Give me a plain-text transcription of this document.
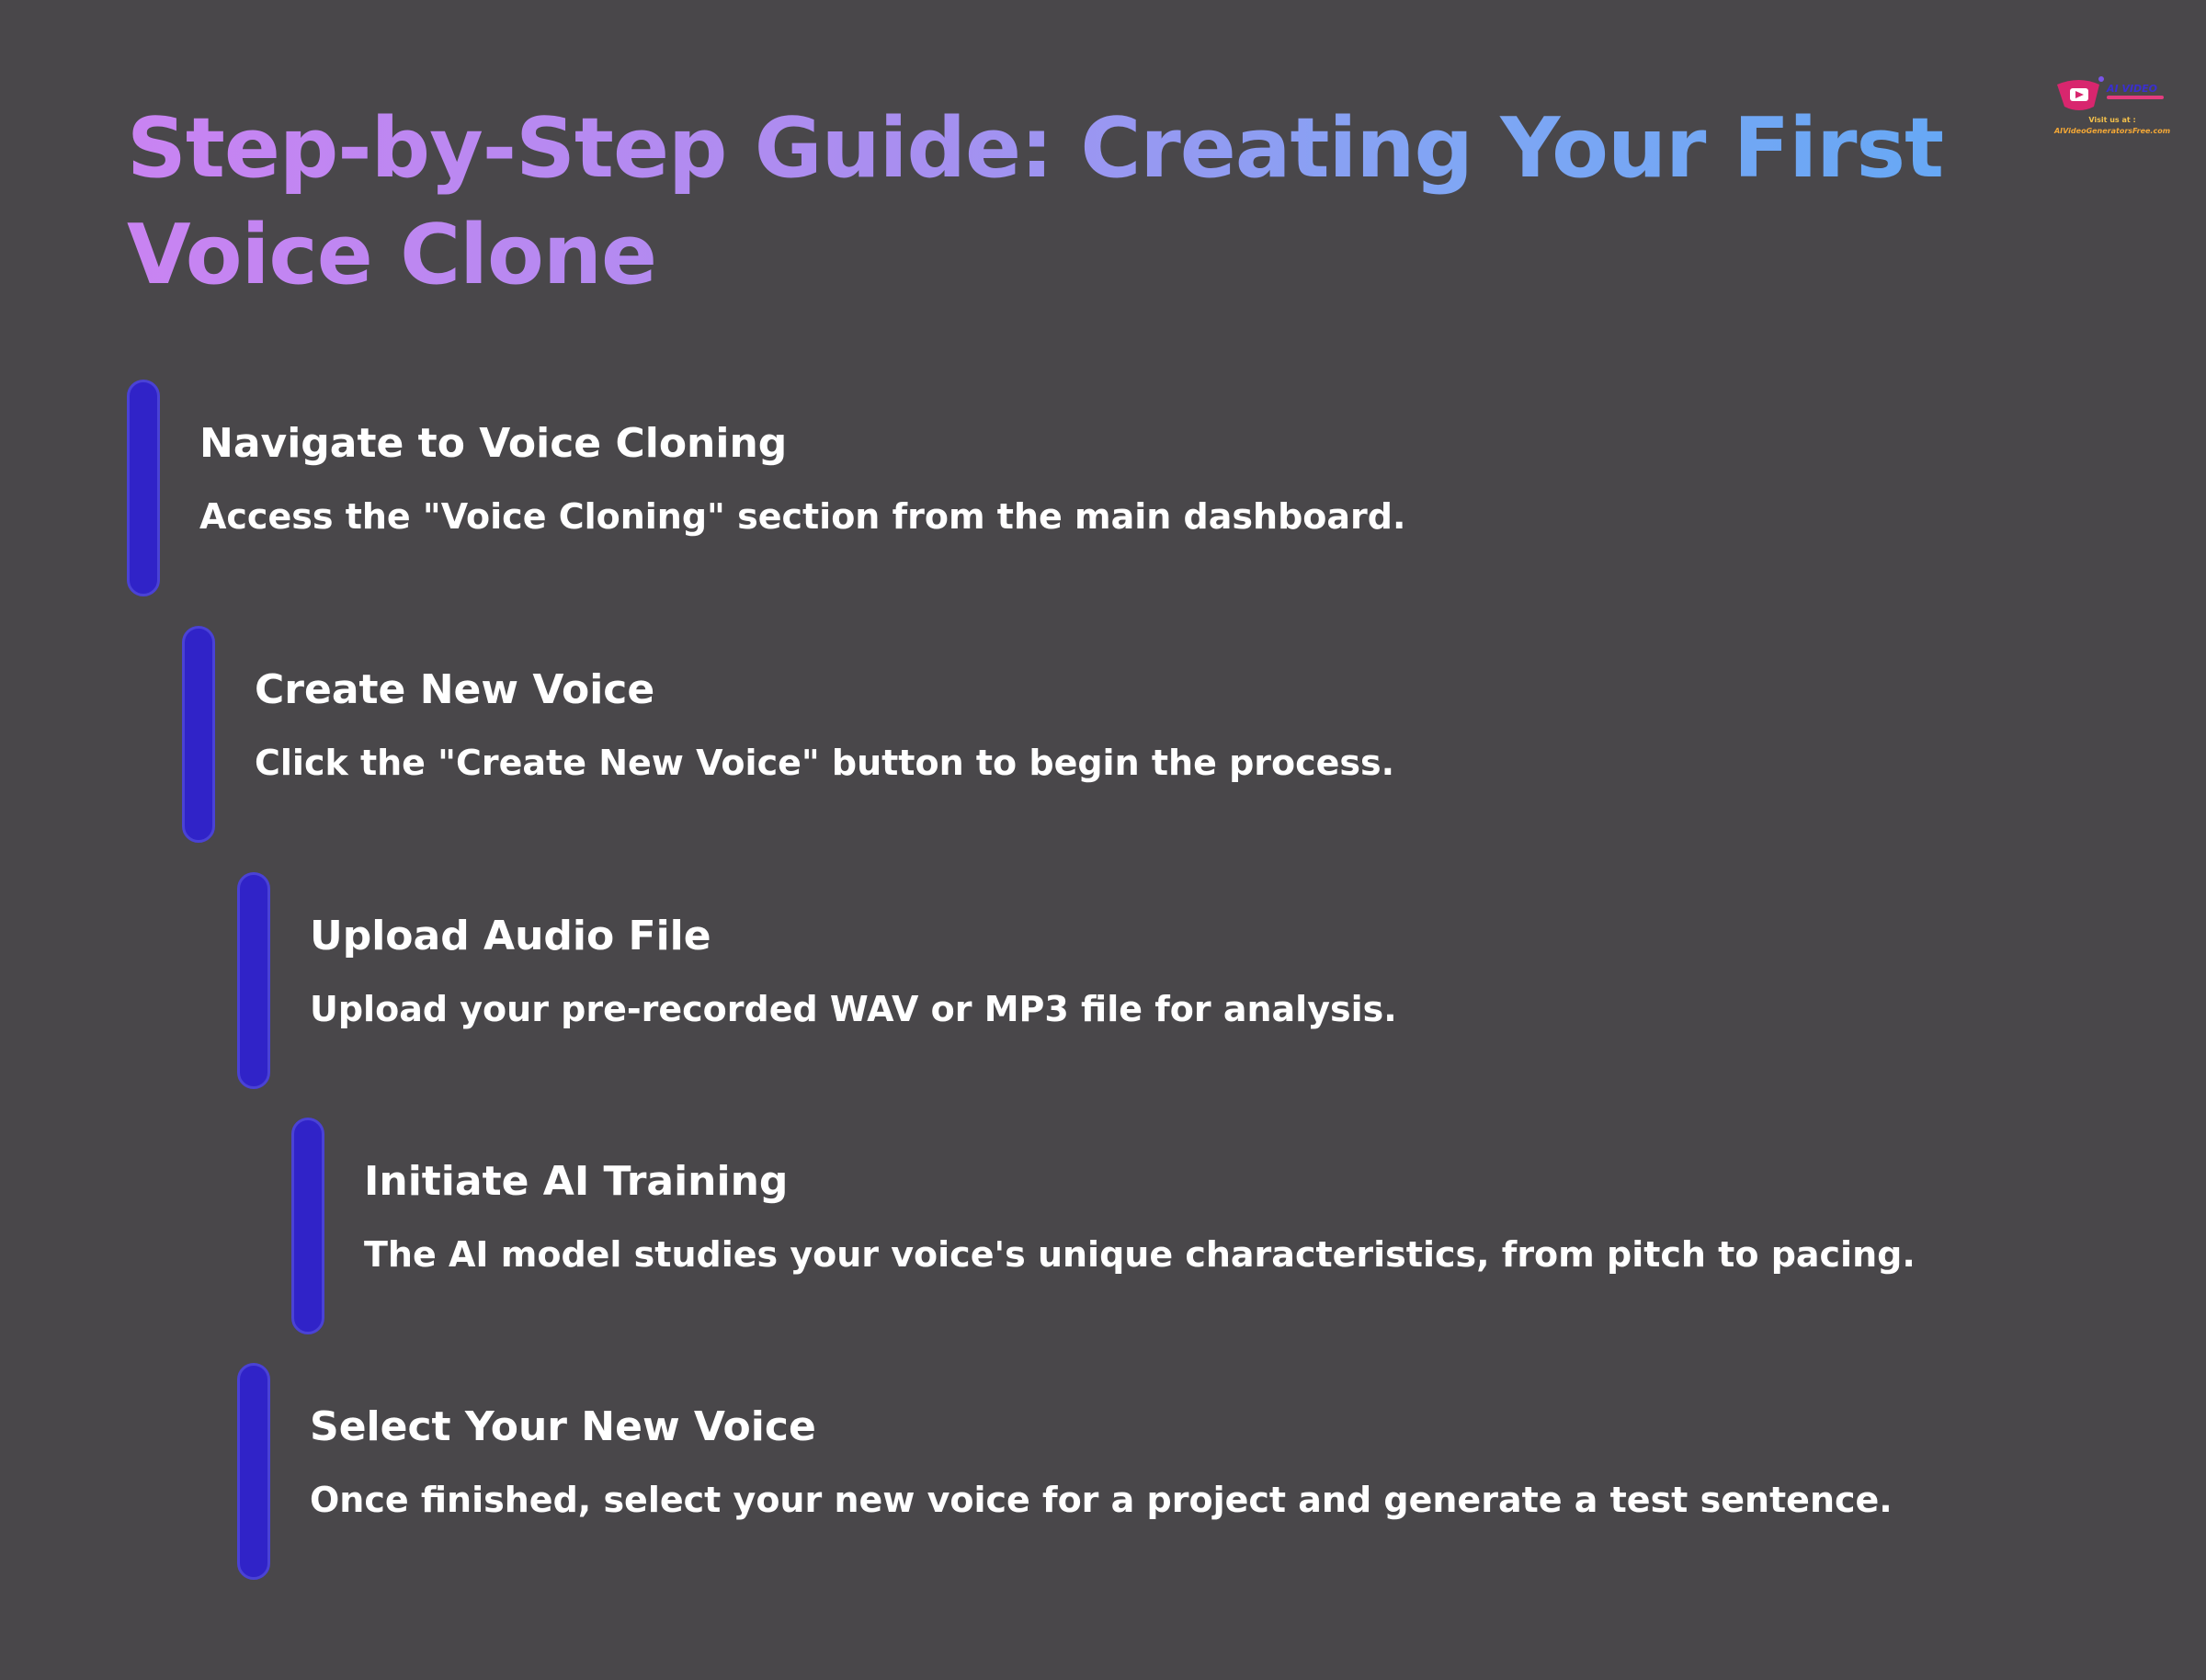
Step-by-Step Guide: Creating Your First Voice Clone
AI VIDEO
Visit us at :
AIVideoGeneratorsFree.com
Navigate to Voice Cloning
Access the "Voice Cloning" section from the main dashboard.
Create New Voice
Click the "Create New Voice" button to begin the process.
Upload Audio File
Upload your pre-recorded WAV or MP3 file for analysis.
Initiate AI Training
The AI model studies your voice's unique characteristics, from pitch to pacing.
Select Your New Voice
Once finished, select your new voice for a project and generate a test sentence.
